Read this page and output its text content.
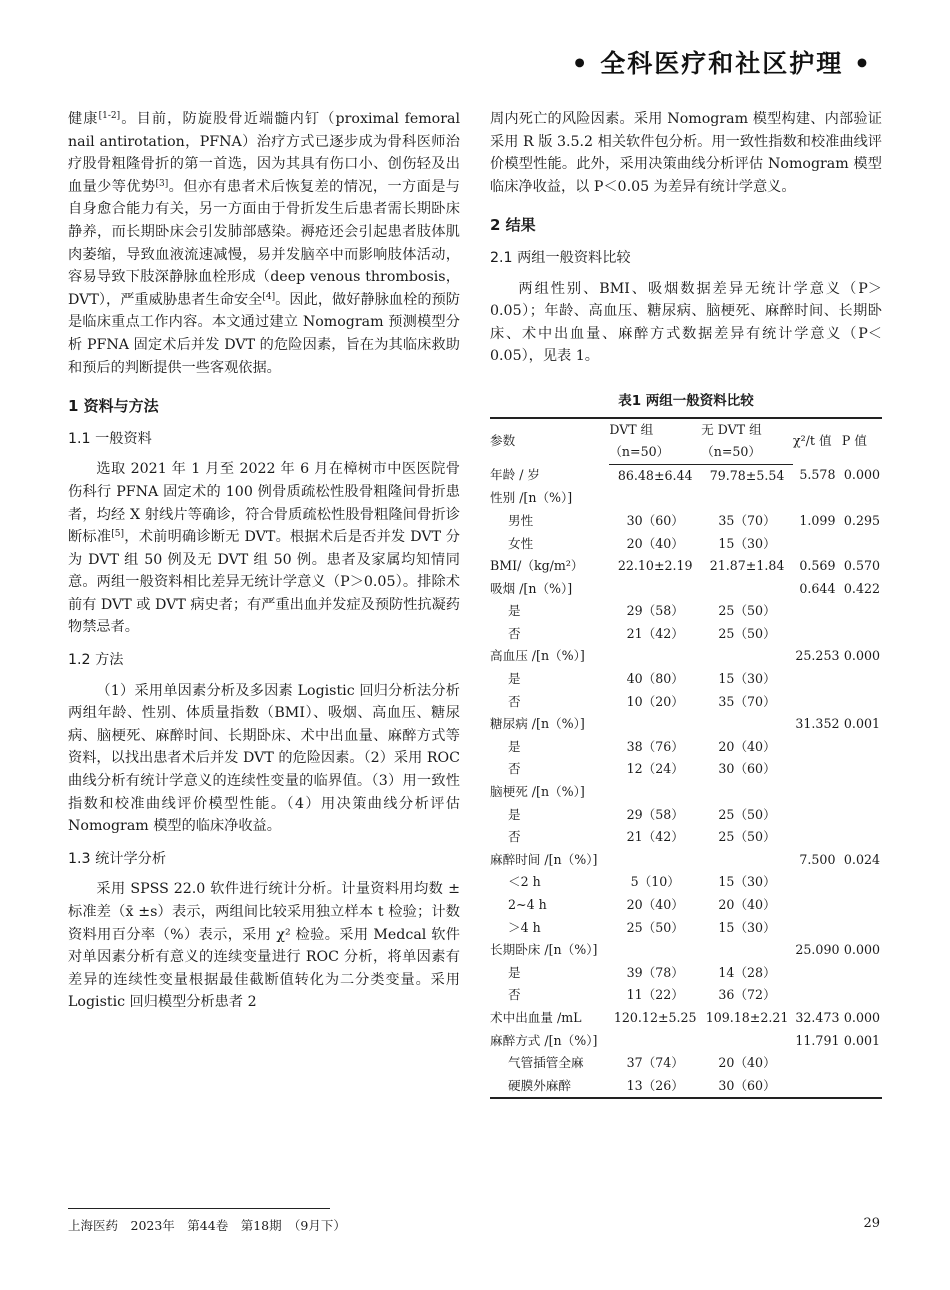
• 全科医疗和社区护理 •

健康[1-2]。目前，防旋股骨近端髓内钉（proximal femoral nail antirotation，PFNA）治疗方式已逐步成为骨科医师治疗股骨粗隆骨折的第一首选，因为其具有伤口小、创伤轻及出血量少等优势[3]。但亦有患者术后恢复差的情况，一方面是与自身愈合能力有关，另一方面由于骨折发生后患者需长期卧床静养，而长期卧床会引发肺部感染。褥疮还会引起患者肢体肌肉萎缩，导致血液流速减慢，易并发脑卒中而影响肢体活动，容易导致下肢深静脉血栓形成（deep venous thrombosis，DVT），严重威胁患者生命安全[4]。因此，做好静脉血栓的预防是临床重点工作内容。本文通过建立 Nomogram 预测模型分析 PFNA 固定术后并发 DVT 的危险因素，旨在为其临床救助和预后的判断提供一些客观依据。

1 资料与方法
1.1 一般资料

选取 2021 年 1 月至 2022 年 6 月在樟树市中医医院骨伤科行 PFNA 固定术的 100 例骨质疏松性股骨粗隆间骨折患者，均经 X 射线片等确诊，符合骨质疏松性股骨粗隆间骨折诊断标准[5]，术前明确诊断无 DVT。根据术后是否并发 DVT 分为 DVT 组 50 例及无 DVT 组 50 例。患者及家属均知情同意。两组一般资料相比差异无统计学意义（P＞0.05）。排除术前有 DVT 或 DVT 病史者；有严重出血并发症及预防性抗凝药物禁忌者。

1.2 方法

（1）采用单因素分析及多因素 Logistic 回归分析法分析两组年龄、性别、体质量指数（BMI）、吸烟、高血压、糖尿病、脑梗死、麻醉时间、长期卧床、术中出血量、麻醉方式等资料，以找出患者术后并发 DVT 的危险因素。（2）采用 ROC 曲线分析有统计学意义的连续性变量的临界值。（3）用一致性指数和校准曲线评价模型性能。（4）用决策曲线分析评估 Nomogram 模型的临床净收益。

1.3 统计学分析

采用 SPSS 22.0 软件进行统计分析。计量资料用均数 ± 标准差（x̄ ±s）表示，两组间比较采用独立样本 t 检验；计数资料用百分率（%）表示，采用 χ² 检验。采用 Medcal 软件对单因素分析有意义的连续变量进行 ROC 分析，将单因素有差异的连续性变量根据最佳截断值转化为二分类变量。采用 Logistic 回归模型分析患者 2

周内死亡的风险因素。采用 Nomogram 模型构建、内部验证采用 R 版 3.5.2 相关软件包分析。用一致性指数和校准曲线评价模型性能。此外，采用决策曲线分析评估 Nomogram 模型临床净收益，以 P＜0.05 为差异有统计学意义。

2 结果
2.1 两组一般资料比较

两组性别、BMI、吸烟数据差异无统计学意义（P＞0.05）；年龄、高血压、糖尿病、脑梗死、麻醉时间、长期卧床、术中出血量、麻醉方式数据差异有统计学意义（P＜0.05），见表 1。

表1 两组一般资料比较
参数	DVT 组	无 DVT 组	χ²/t 值	P 值
	（n=50）	（n=50）		
年龄 / 岁	86.48±6.44	79.78±5.54	5.578	0.000
性别 /[n（%）]				
男性	30（60）	35（70）	1.099	0.295
女性	20（40）	15（30）		
BMI/（kg/m²）	22.10±2.19	21.87±1.84	0.569	0.570
吸烟 /[n（%）]			0.644	0.422
是	29（58）	25（50）		
否	21（42）	25（50）		
高血压 /[n（%）]			25.253	0.000
是	40（80）	15（30）		
否	10（20）	35（70）		
糖尿病 /[n（%）]			31.352	0.001
是	38（76）	20（40）		
否	12（24）	30（60）		
脑梗死 /[n（%）]				
是	29（58）	25（50）		
否	21（42）	25（50）		
麻醉时间 /[n（%）]			7.500	0.024
＜2 h	5（10）	15（30）		
2~4 h	20（40）	20（40）		
＞4 h	25（50）	15（30）		
长期卧床 /[n（%）]			25.090	0.000
是	39（78）	14（28）		
否	11（22）	36（72）		
术中出血量 /mL	120.12±5.25	109.18±2.21	32.473	0.000
麻醉方式 /[n（%）]			11.791	0.001
气管插管全麻	37（74）	20（40）		
硬膜外麻醉	13（26）	30（60）		
上海医药　2023年　第44卷　第18期　（9月下）	29
